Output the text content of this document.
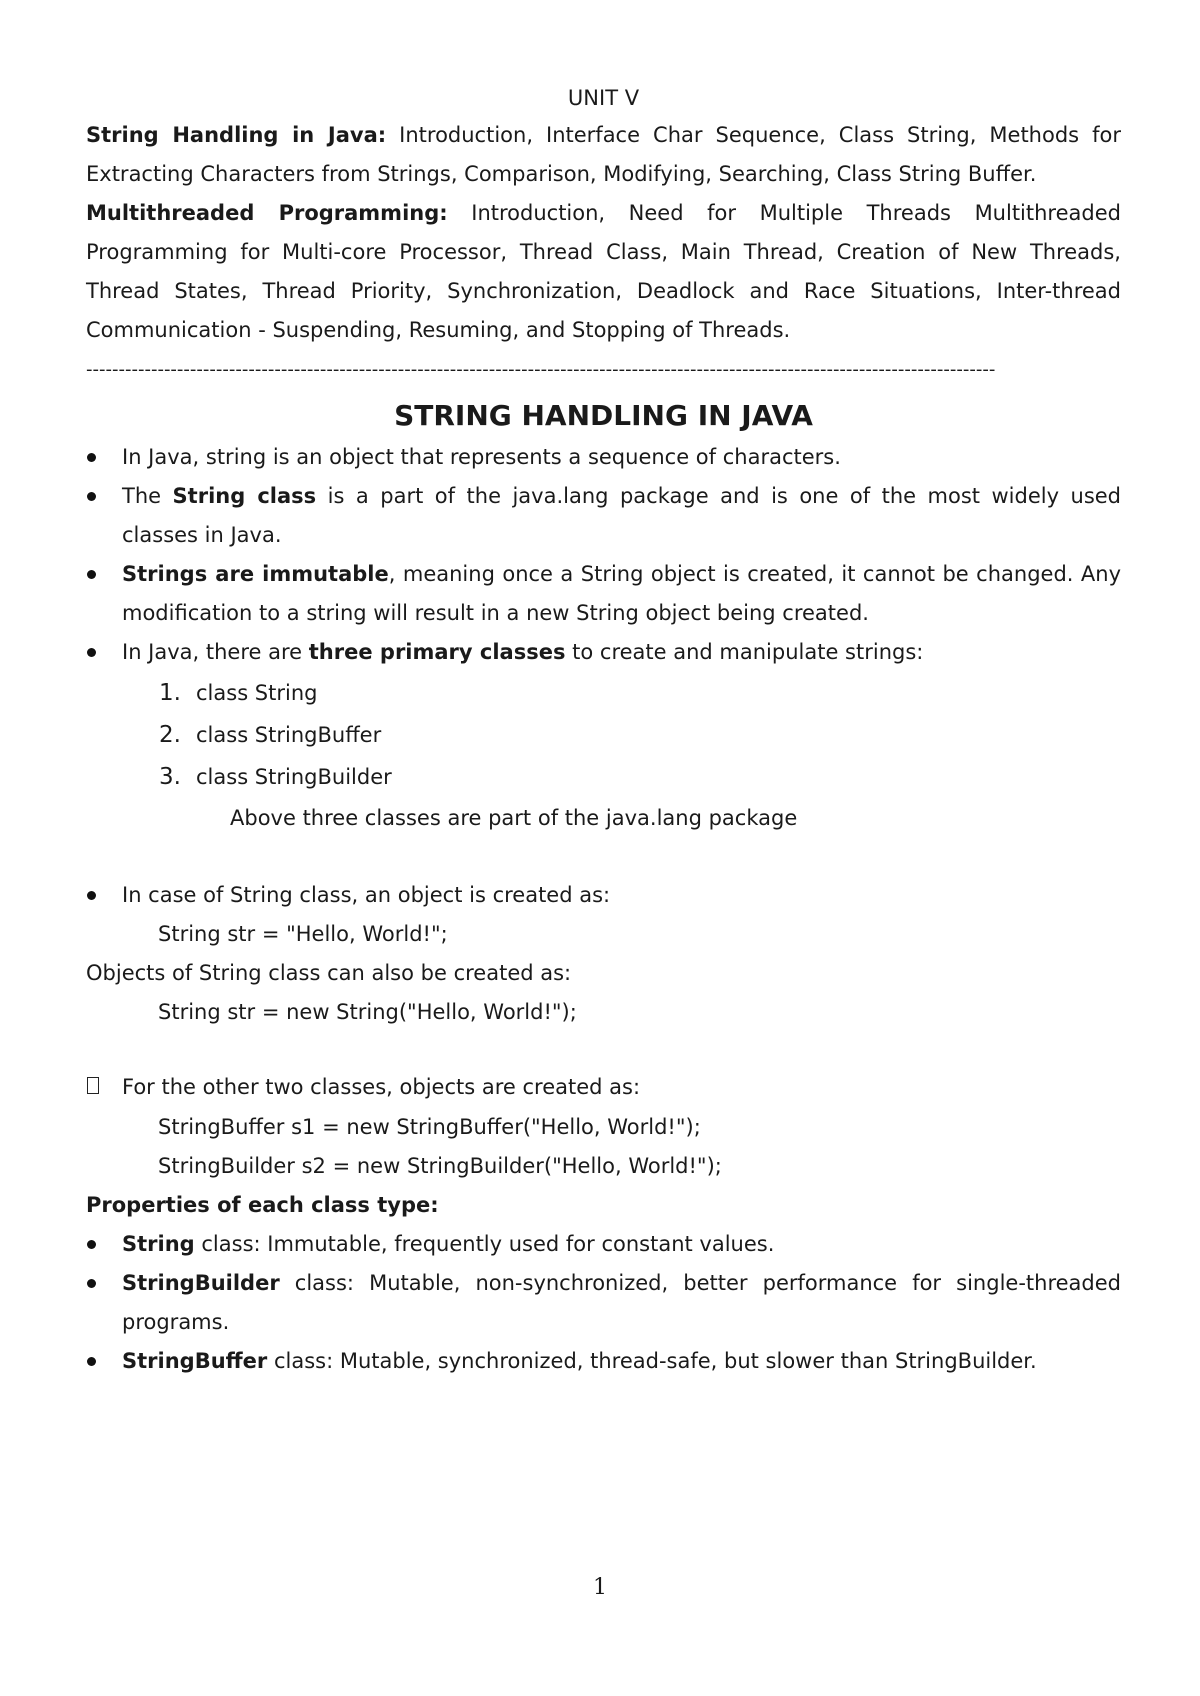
UNIT V

String Handling in Java: Introduction, Interface Char Sequence, Class String, Methods for Extracting Characters from Strings, Comparison, Modifying, Searching, Class String Buffer.

Multithreaded Programming: Introduction, Need for Multiple Threads Multithreaded Programming for Multi-core Processor, Thread Class, Main Thread, Creation of New Threads, Thread States, Thread Priority, Synchronization, Deadlock and Race Situations, Inter-thread Communication - Suspending, Resuming, and Stopping of Threads.

--------------------------------------------------------------------------------------------------------------------------------------------
STRING HANDLING IN JAVA
In Java, string is an object that represents a sequence of characters.
The String class is a part of the java.lang package and is one of the most widely used classes in Java.
Strings are immutable, meaning once a String object is created, it cannot be changed. Any modification to a string will result in a new String object being created.
In Java, there are three primary classes to create and manipulate strings:
1. class String
2. class StringBuffer
3. class StringBuilder
Above three classes are part of the java.lang package
In case of String class, an object is created as:
String str = "Hello, World!";
Objects of String class can also be created as:
String str = new String("Hello, World!");
For the other two classes, objects are created as:
StringBuffer s1 = new StringBuffer("Hello, World!");
StringBuilder s2 = new StringBuilder("Hello, World!");
Properties of each class type:
String class: Immutable, frequently used for constant values.
StringBuilder class: Mutable, non-synchronized, better performance for single-threaded programs.
StringBuffer class: Mutable, synchronized, thread-safe, but slower than StringBuilder.
1
